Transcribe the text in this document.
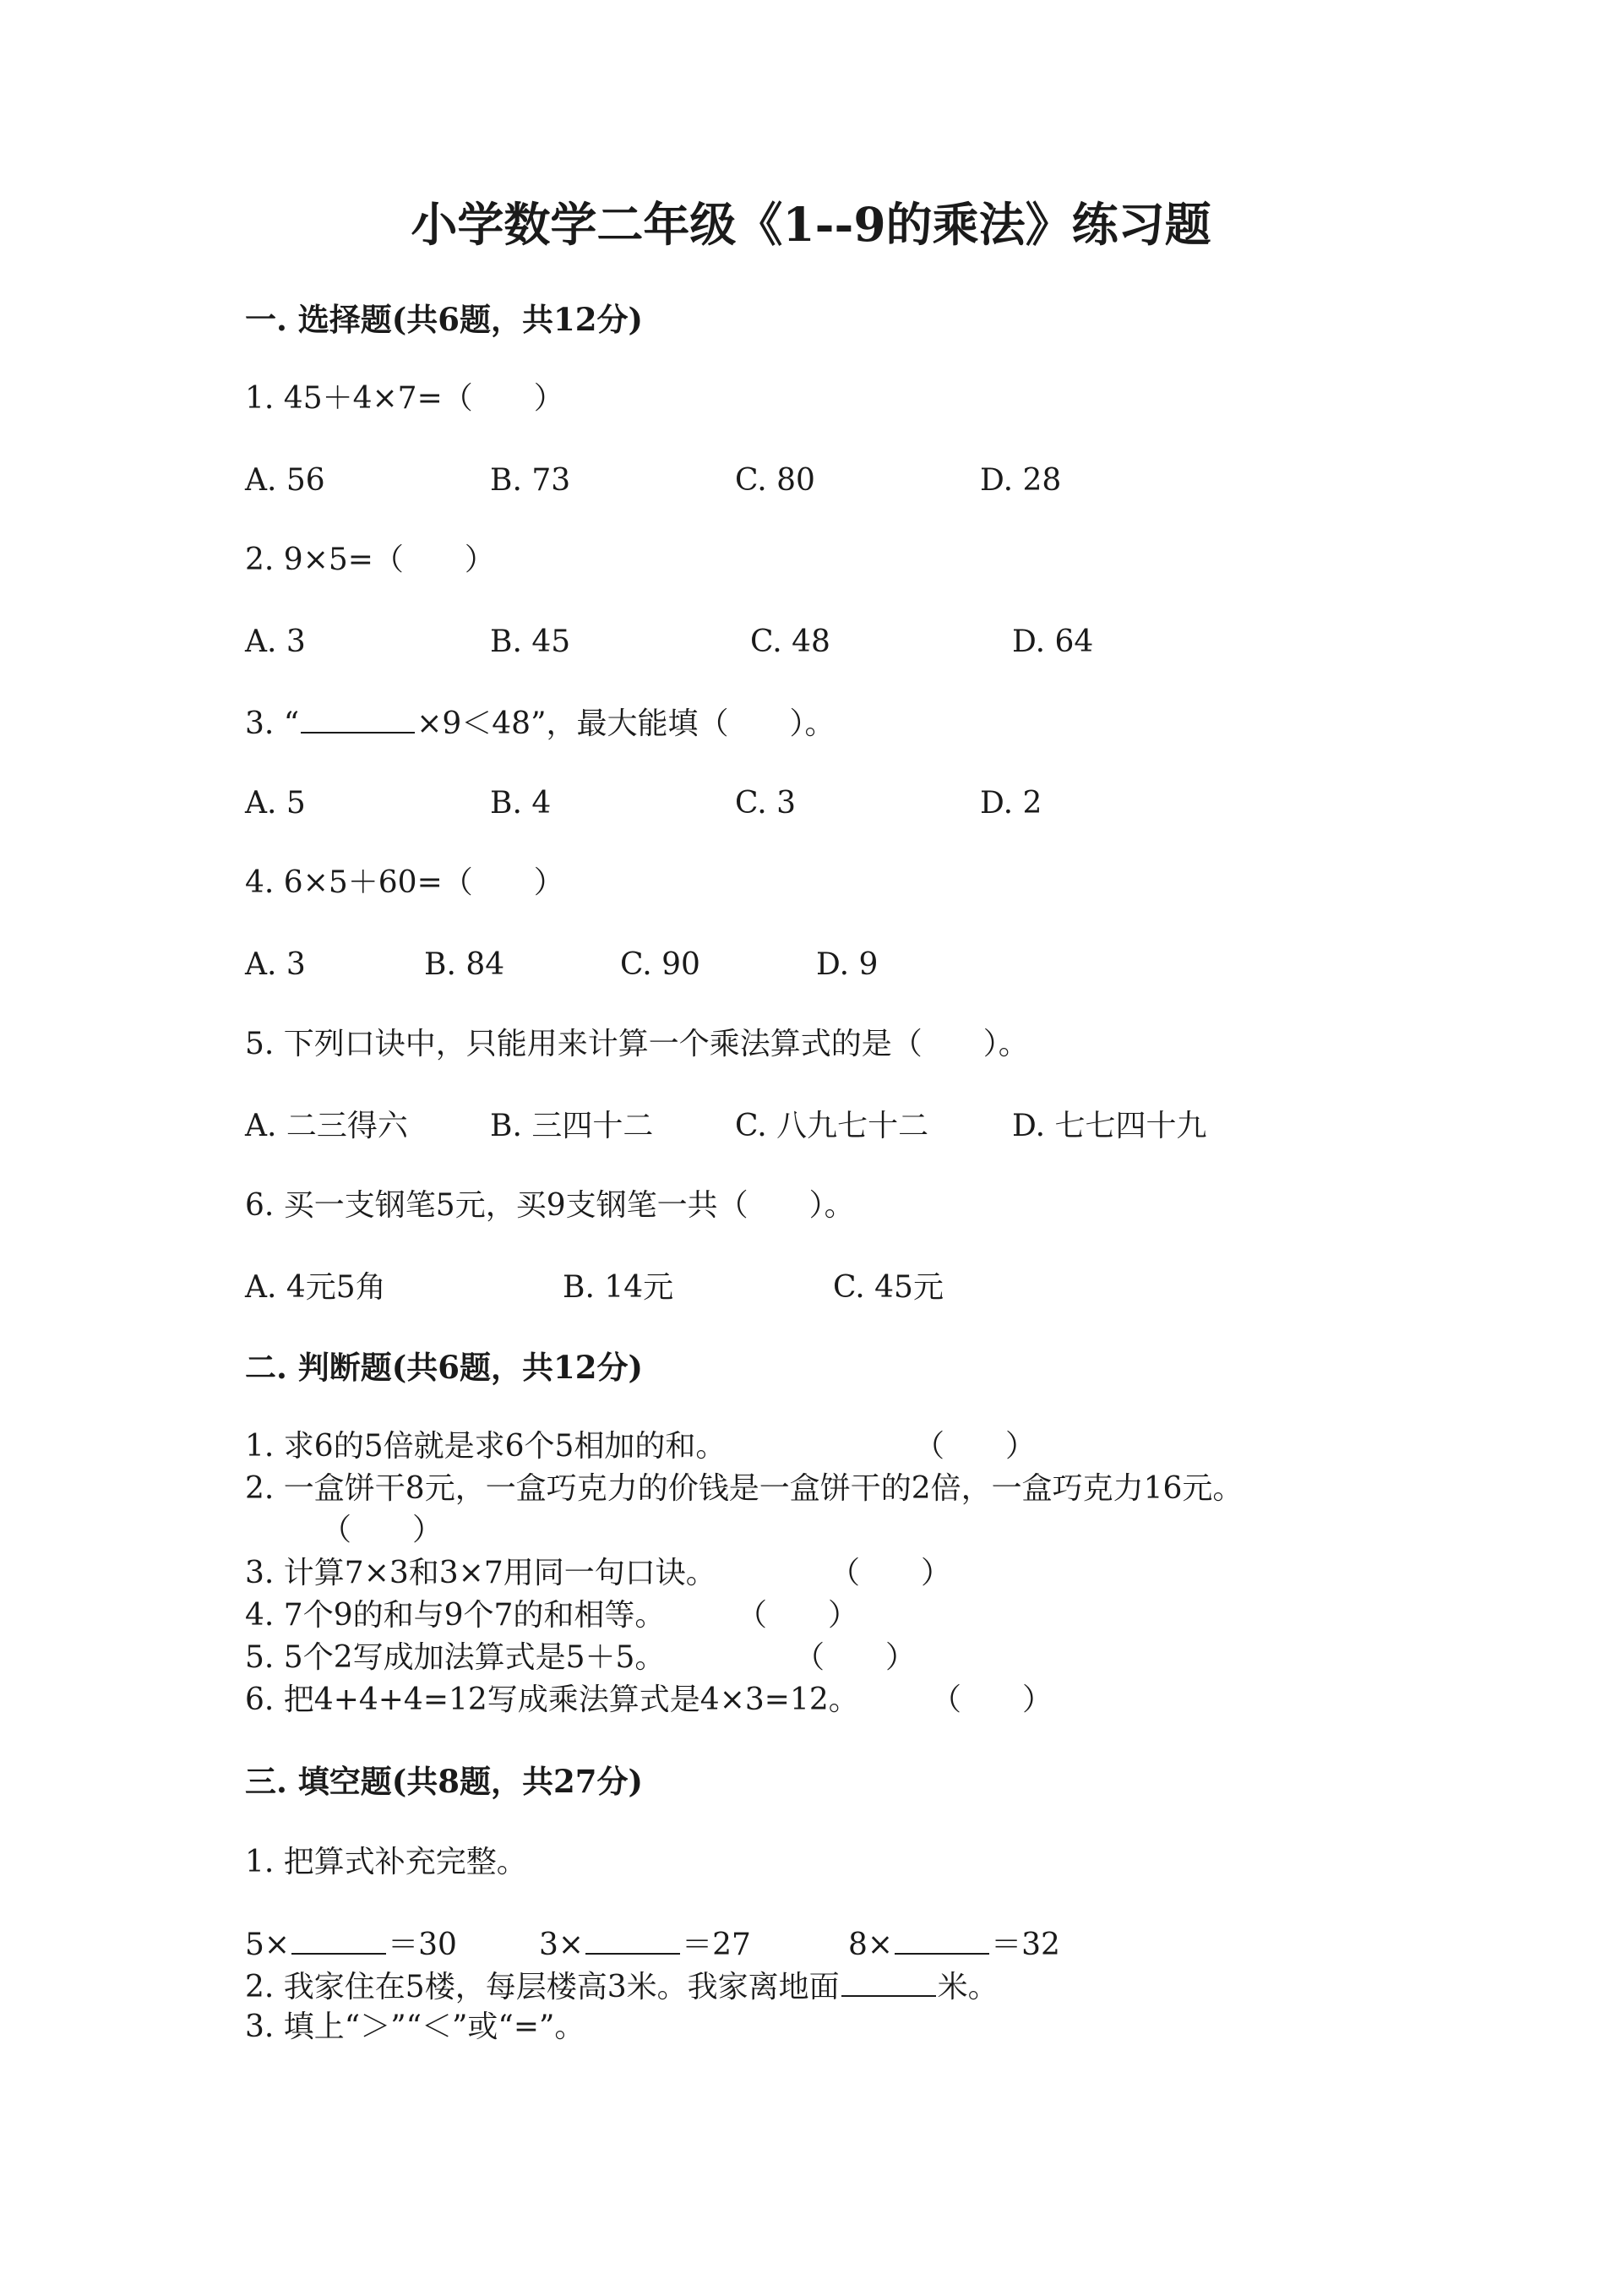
小学数学二年级《1--9的乘法》练习题
一. 选择题(共6题，共12分)
1. 45＋4×7=（　　）
A. 56	B. 73	C. 80	D. 28
2. 9×5=（　　）
A. 3	B. 45	C. 48	D. 64
3. “	×9＜48”，最大能填（　　）。
A. 5	B. 4	C. 3	D. 2
4. 6×5＋60=（　　）
A. 3	B. 84	C. 90	D. 9
5. 下列口诀中，只能用来计算一个乘法算式的是（　　）。
A. 二三得六	B. 三四十二	C. 八九七十二	D. 七七四十九
6. 买一支钢笔5元，买9支钢笔一共（　　）。
A. 4元5角	B. 14元	C. 45元
二. 判断题(共6题，共12分)
1. 求6的5倍就是求6个5相加的和。	（　　）
2. 一盒饼干8元，一盒巧克力的价钱是一盒饼干的2倍，一盒巧克力16元。
（　　）
3. 计算7×3和3×7用同一句口诀。	（　　）
4. 7个9的和与9个7的和相等。 （　　）
5. 5个2写成加法算式是5＋5。	（　　）
6. 把4+4+4=12写成乘法算式是4×3=12。 （　　）
三. 填空题(共8题，共27分)
1. 把算式补充完整。
5×	＝30	3×	＝27	8×	＝32
2. 我家住在5楼，每层楼高3米。我家离地面	米。
3. 填上“＞”“＜”或“=”。
